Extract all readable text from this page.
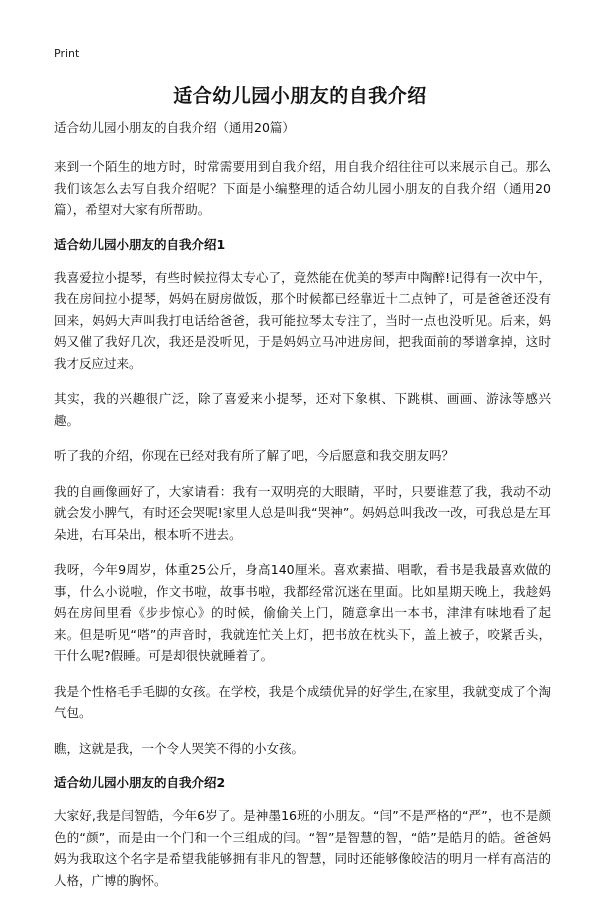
Print
适合幼儿园小朋友的自我介绍

适合幼儿园小朋友的自我介绍（通用20篇）

来到一个陌生的地方时，时常需要用到自我介绍，用自我介绍往往可以来展示自己。那么我们该怎么去写自我介绍呢？下面是小编整理的适合幼儿园小朋友的自我介绍（通用20篇），希望对大家有所帮助。

适合幼儿园小朋友的自我介绍1

我喜爱拉小提琴，有些时候拉得太专心了，竟然能在优美的琴声中陶醉!记得有一次中午，我在房间拉小提琴，妈妈在厨房做饭，那个时候都已经靠近十二点钟了，可是爸爸还没有回来，妈妈大声叫我打电话给爸爸，我可能拉琴太专注了，当时一点也没听见。后来，妈妈又催了我好几次，我还是没听见，于是妈妈立马冲进房间，把我面前的琴谱拿掉，这时我才反应过来。

其实，我的兴趣很广泛，除了喜爱来小提琴，还对下象棋、下跳棋、画画、游泳等感兴趣。

听了我的介绍，你现在已经对我有所了解了吧，今后愿意和我交朋友吗？

我的自画像画好了，大家请看：我有一双明亮的大眼睛，平时，只要谁惹了我，我动不动就会发小脾气，有时还会哭呢!家里人总是叫我“哭神”。妈妈总叫我改一改，可我总是左耳朵进，右耳朵出，根本听不进去。

我呀，今年9周岁，体重25公斤，身高140厘米。喜欢素描、唱歌，看书是我最喜欢做的事，什么小说啦，作文书啦，故事书啦，我都经常沉迷在里面。比如星期天晚上，我趁妈妈在房间里看《步步惊心》的时候，偷偷关上门，随意拿出一本书，津津有味地看了起来。但是听见“嗒”的声音时，我就连忙关上灯，把书放在枕头下，盖上被子，咬紧舌头，干什么呢?假睡。可是却很快就睡着了。

我是个性格毛手毛脚的女孩。在学校，我是个成绩优异的好学生,在家里，我就变成了个淘气包。

瞧，这就是我，一个令人哭笑不得的小女孩。

适合幼儿园小朋友的自我介绍2

大家好,我是闫智皓，今年6岁了。是神墨16班的小朋友。“闫”不是严格的“严”，也不是颜色的“颜”，而是由一个门和一个三组成的闫。“智”是智慧的智，“皓”是皓月的皓。爸爸妈妈为我取这个名字是希望我能够拥有非凡的智慧，同时还能够像皎洁的明月一样有高洁的人格，广博的胸怀。
